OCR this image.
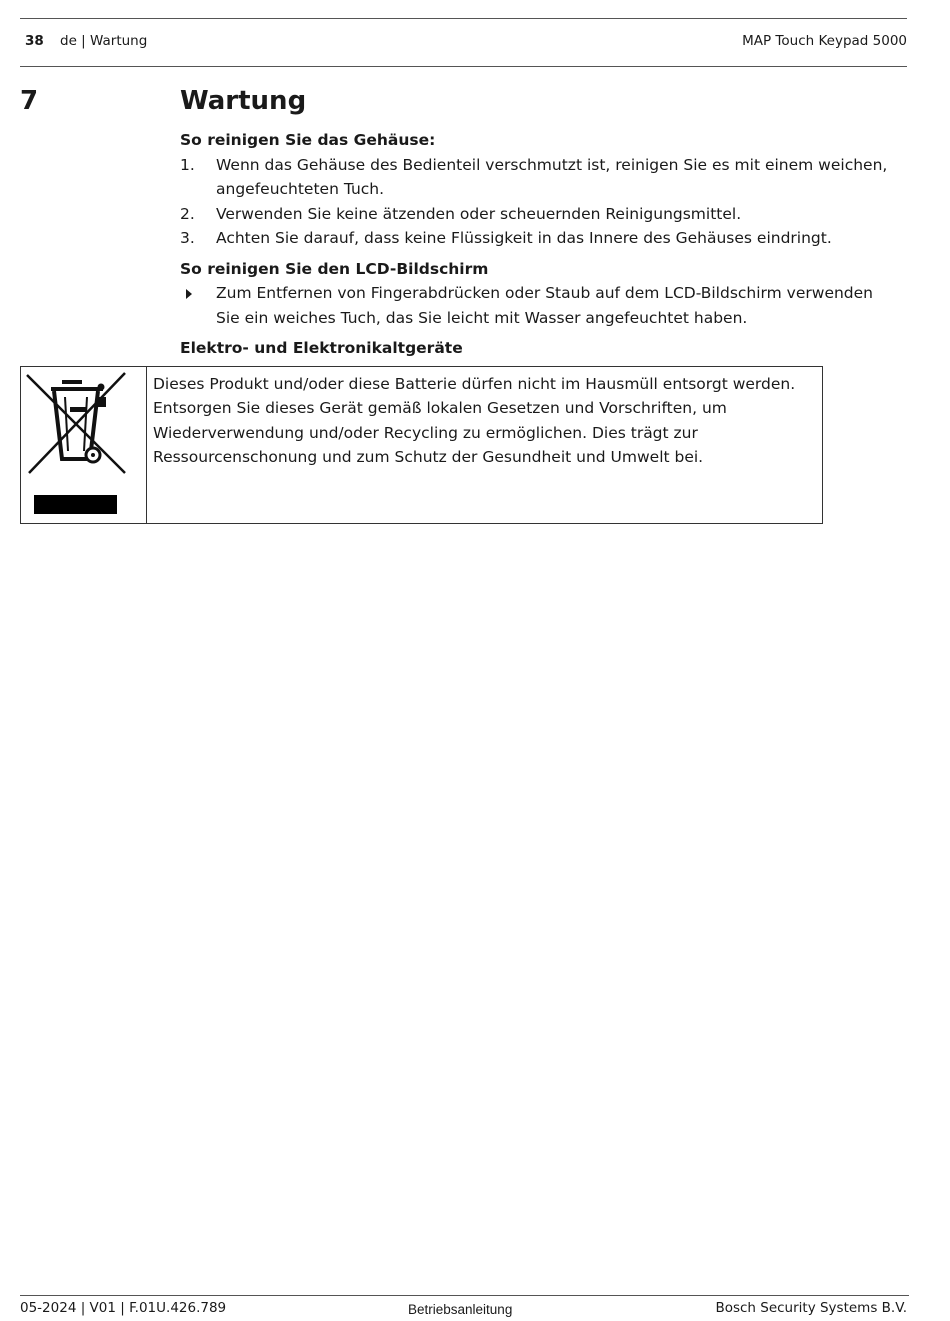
38 de | Wartung	MAP Touch Keypad 5000
7	Wartung
So reinigen Sie das Gehäuse:
1. Wenn das Gehäuse des Bedienteil verschmutzt ist, reinigen Sie es mit einem weichen, angefeuchteten Tuch.
2. Verwenden Sie keine ätzenden oder scheuernden Reinigungsmittel.
3. Achten Sie darauf, dass keine Flüssigkeit in das Innere des Gehäuses eindringt.
So reinigen Sie den LCD-Bildschirm
Zum Entfernen von Fingerabdrücken oder Staub auf dem LCD-Bildschirm verwenden Sie ein weiches Tuch, das Sie leicht mit Wasser angefeuchtet haben.
Elektro- und Elektronikaltgeräte
Dieses Produkt und/oder diese Batterie dürfen nicht im Hausmüll entsorgt werden. Entsorgen Sie dieses Gerät gemäß lokalen Gesetzen und Vorschriften, um Wiederverwendung und/oder Recycling zu ermöglichen. Dies trägt zur Ressourcenschonung und zum Schutz der Gesundheit und Umwelt bei.
05-2024 | V01 | F.01U.426.789	Betriebsanleitung	Bosch Security Systems B.V.
